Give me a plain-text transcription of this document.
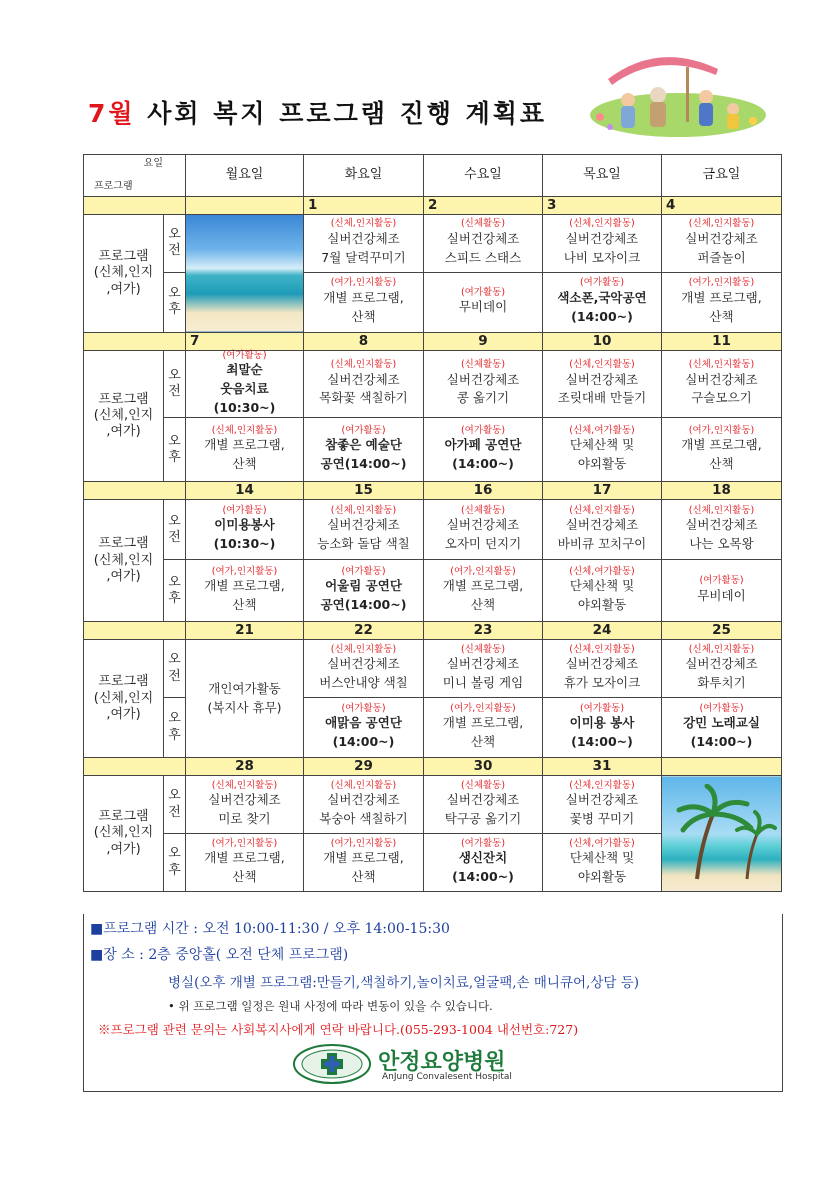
7월 사회 복지 프로그램 진행 계획표
요일
프로그램		월요일	화요일	수요일	목요일	금요일
			1	2	3	4
프로그램
(신체,인지
,여가)	오
전		(신체,인지활동)
실버건강체조
7월 달력꾸미기	(신체활동)
실버건강체조
스피드 스태스	(신체,인지활동)
실버건강체조
나비 모자이크	(신체,인지활동)
실버건강체조
퍼즐놀이

	오
후		(여가,인지활동)
개별 프로그램,
산책	(여가활동)
무비데이	(여가활동)
색소폰,국악공연
(14:00~)	(여가,인지활동)
개별 프로그램,
산책

		7	8	9	10	11
프로그램
(신체,인지
,여가)	오
전	(여가활동)
최말순
웃음치료
(10:30~)	(신체,인지활동)
실버건강체조
목화꽃 색칠하기	(신체활동)
실버건강체조
콩 옮기기	(신체,인지활동)
실버건강체조
조릿대배 만들기	(신체,인지활동)
실버건강체조
구슬모으기

	오
후	(신체,인지활동)
개별 프로그램,
산책	(여가활동)
참좋은 예술단
공연(14:00~)	(여가활동)
아가페 공연단
(14:00~)	(신체,여가활동)
단체산책 및
야외활동	(여가,인지활동)
개별 프로그램,
산책

		14	15	16	17	18
프로그램
(신체,인지
,여가)	오
전	(여가활동)
이미용봉사
(10:30~)	(신체,인지활동)
실버건강체조
능소화 돌담 색칠	(신체활동)
실버건강체조
오자미 던지기	(신체,인지활동)
실버건강체조
바비큐 꼬치구이	(신체,인지활동)
실버건강체조
나는 오목왕

	오
후	(여가,인지활동)
개별 프로그램,
산책	(여가활동)
어울림 공연단
공연(14:00~)	(여가,인지활동)
개별 프로그램,
산책	(신체,여가활동)
단체산책 및
야외활동	(여가활동)
무비데이

		21	22	23	24	25
프로그램
(신체,인지
,여가)	오
전	개인여가활동
(복지사 휴무)	(신체,인지활동)
실버건강체조
버스안내양 색칠	(신체활동)
실버건강체조
미니 볼링 게임	(신체,인지활동)
실버건강체조
휴가 모자이크	(신체,인지활동)
실버건강체조
화투치기

	오
후		(여가활동)
애맑음 공연단
(14:00~)	(여가,인지활동)
개별 프로그램,
산책	(여가활동)
이미용 봉사
(14:00~)	(여가활동)
강민 노래교실
(14:00~)

		28	29	30	31	
프로그램
(신체,인지
,여가)	오
전	(신체,인지활동)
실버건강체조
미로 찾기	(신체,인지활동)
실버건강체조
복숭아 색칠하기	(신체활동)
실버건강체조
탁구공 옮기기	(신체,인지활동)
실버건강체조
꽃병 꾸미기

	오
후	(여가,인지활동)
개별 프로그램,
산책	(여가,인지활동)
개별 프로그램,
산책	(여가활동)
생신잔치
(14:00~)	(신체,여가활동)
단체산책 및
야외활동	
■프로그램 시간 : 오전 10:00-11:30 / 오후 14:00-15:30
■장 소 : 2층 중앙홀( 오전 단체 프로그램)
병실(오후 개별 프로그램:만들기,색칠하기,놀이치료,얼굴팩,손 매니큐어,상담 등)
• 위 프로그램 일정은 원내 사정에 따라 변동이 있을 수 있습니다.
※프로그램 관련 문의는 사회복지사에게 연락 바랍니다.(055-293-1004 내선번호:727)
안정요양병원
AnJung Convalesent Hospital
